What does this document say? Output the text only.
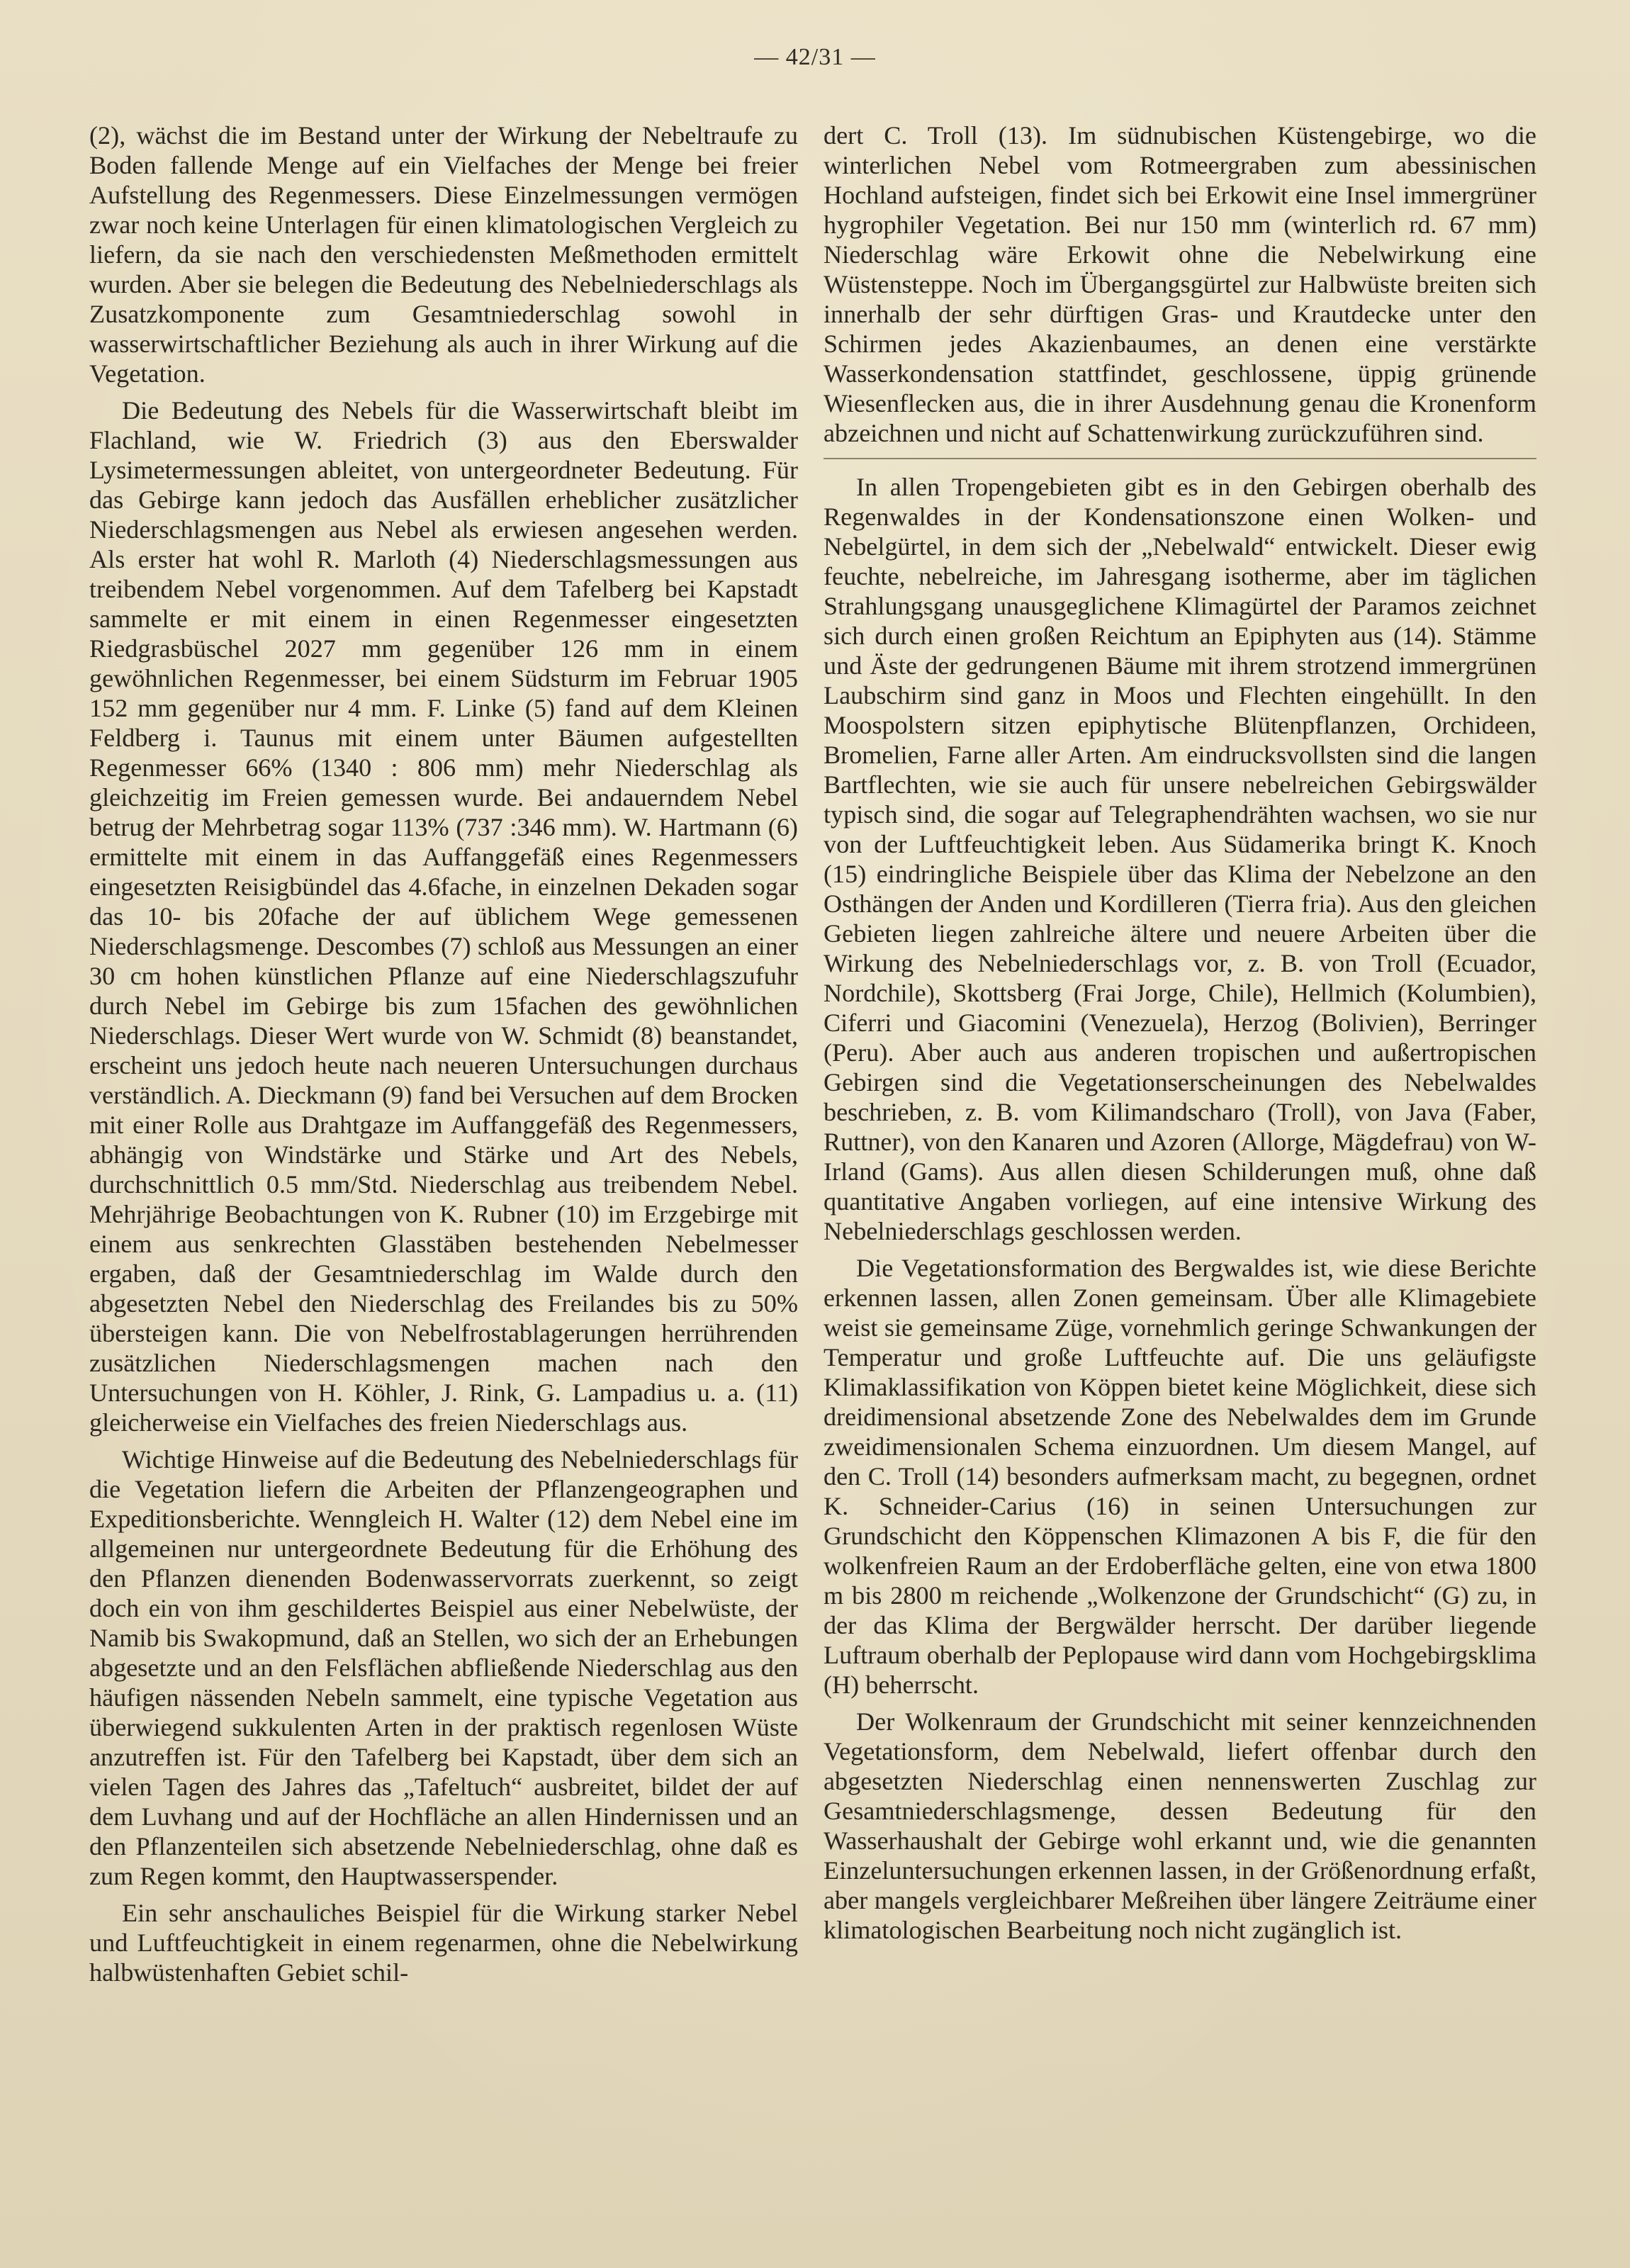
— 42/31 —

(2), wächst die im Bestand unter der Wirkung der Nebeltraufe zu Boden fallende Menge auf ein Vielfaches der Menge bei freier Aufstellung des Regenmessers. Diese Einzelmessungen vermögen zwar noch keine Unterlagen für einen klimatologischen Vergleich zu liefern, da sie nach den verschiedensten Meßmethoden ermittelt wurden. Aber sie belegen die Bedeutung des Nebelniederschlags als Zusatzkomponente zum Gesamtniederschlag sowohl in wasserwirtschaftlicher Beziehung als auch in ihrer Wirkung auf die Vegetation.

Die Bedeutung des Nebels für die Wasserwirtschaft bleibt im Flachland, wie W. Friedrich (3) aus den Eberswalder Lysimetermessungen ableitet, von untergeordneter Bedeutung. Für das Gebirge kann jedoch das Ausfällen erheblicher zusätzlicher Niederschlagsmengen aus Nebel als erwiesen angesehen werden. Als erster hat wohl R. Marloth (4) Niederschlagsmessungen aus treibendem Nebel vorgenommen. Auf dem Tafelberg bei Kapstadt sammelte er mit einem in einen Regenmesser eingesetzten Riedgrasbüschel 2027 mm gegenüber 126 mm in einem gewöhnlichen Regenmesser, bei einem Südsturm im Februar 1905 152 mm gegenüber nur 4 mm. F. Linke (5) fand auf dem Kleinen Feldberg i. Taunus mit einem unter Bäumen aufgestellten Regenmesser 66% (1340 : 806 mm) mehr Niederschlag als gleichzeitig im Freien gemessen wurde. Bei andauerndem Nebel betrug der Mehrbetrag sogar 113% (737 :346 mm). W. Hartmann (6) ermittelte mit einem in das Auffanggefäß eines Regenmessers eingesetzten Reisigbündel das 4.6fache, in einzelnen Dekaden sogar das 10- bis 20fache der auf üblichem Wege gemessenen Niederschlagsmenge. Descombes (7) schloß aus Messungen an einer 30 cm hohen künstlichen Pflanze auf eine Niederschlagszufuhr durch Nebel im Gebirge bis zum 15fachen des gewöhnlichen Niederschlags. Dieser Wert wurde von W. Schmidt (8) beanstandet, erscheint uns jedoch heute nach neueren Untersuchungen durchaus verständlich. A. Dieckmann (9) fand bei Versuchen auf dem Brocken mit einer Rolle aus Drahtgaze im Auffanggefäß des Regenmessers, abhängig von Windstärke und Stärke und Art des Nebels, durchschnittlich 0.5 mm/Std. Niederschlag aus treibendem Nebel. Mehrjährige Beobachtungen von K. Rubner (10) im Erzgebirge mit einem aus senkrechten Glasstäben bestehenden Nebelmesser ergaben, daß der Gesamtniederschlag im Walde durch den abgesetzten Nebel den Niederschlag des Freilandes bis zu 50% übersteigen kann. Die von Nebelfrostablagerungen herrührenden zusätzlichen Niederschlagsmengen machen nach den Untersuchungen von H. Köhler, J. Rink, G. Lampadius u. a. (11) gleicherweise ein Vielfaches des freien Niederschlags aus.

Wichtige Hinweise auf die Bedeutung des Nebelniederschlags für die Vegetation liefern die Arbeiten der Pflanzengeographen und Expeditionsberichte. Wenngleich H. Walter (12) dem Nebel eine im allgemeinen nur untergeordnete Bedeutung für die Erhöhung des den Pflanzen dienenden Bodenwasservorrats zuerkennt, so zeigt doch ein von ihm geschildertes Beispiel aus einer Nebelwüste, der Namib bis Swakopmund, daß an Stellen, wo sich der an Erhebungen abgesetzte und an den Felsflächen abfließende Niederschlag aus den häufigen nässenden Nebeln sammelt, eine typische Vegetation aus überwiegend sukkulenten Arten in der praktisch regenlosen Wüste anzutreffen ist. Für den Tafelberg bei Kapstadt, über dem sich an vielen Tagen des Jahres das „Tafeltuch“ ausbreitet, bildet der auf dem Luvhang und auf der Hochfläche an allen Hindernissen und an den Pflanzenteilen sich absetzende Nebelniederschlag, ohne daß es zum Regen kommt, den Hauptwasserspender.

Ein sehr anschauliches Beispiel für die Wirkung starker Nebel und Luftfeuchtigkeit in einem regenarmen, ohne die Nebelwirkung halbwüstenhaften Gebiet schil-

dert C. Troll (13). Im südnubischen Küstengebirge, wo die winterlichen Nebel vom Rotmeergraben zum abessinischen Hochland aufsteigen, findet sich bei Erkowit eine Insel immergrüner hygrophiler Vegetation. Bei nur 150 mm (winterlich rd. 67 mm) Niederschlag wäre Erkowit ohne die Nebelwirkung eine Wüstensteppe. Noch im Übergangsgürtel zur Halbwüste breiten sich innerhalb der sehr dürftigen Gras- und Krautdecke unter den Schirmen jedes Akazienbaumes, an denen eine verstärkte Wasserkondensation stattfindet, geschlossene, üppig grünende Wiesenflecken aus, die in ihrer Ausdehnung genau die Kronenform abzeichnen und nicht auf Schattenwirkung zurückzuführen sind.

In allen Tropengebieten gibt es in den Gebirgen oberhalb des Regenwaldes in der Kondensationszone einen Wolken- und Nebelgürtel, in dem sich der „Nebelwald“ entwickelt. Dieser ewig feuchte, nebelreiche, im Jahresgang isotherme, aber im täglichen Strahlungsgang unausgeglichene Klimagürtel der Paramos zeichnet sich durch einen großen Reichtum an Epiphyten aus (14). Stämme und Äste der gedrungenen Bäume mit ihrem strotzend immergrünen Laubschirm sind ganz in Moos und Flechten eingehüllt. In den Moospolstern sitzen epiphytische Blütenpflanzen, Orchideen, Bromelien, Farne aller Arten. Am eindrucksvollsten sind die langen Bartflechten, wie sie auch für unsere nebelreichen Gebirgswälder typisch sind, die sogar auf Telegraphendrähten wachsen, wo sie nur von der Luftfeuchtigkeit leben. Aus Südamerika bringt K. Knoch (15) eindringliche Beispiele über das Klima der Nebelzone an den Osthängen der Anden und Kordilleren (Tierra fria). Aus den gleichen Gebieten liegen zahlreiche ältere und neuere Arbeiten über die Wirkung des Nebelniederschlags vor, z. B. von Troll (Ecuador, Nordchile), Skottsberg (Frai Jorge, Chile), Hellmich (Kolumbien), Ciferri und Giacomini (Venezuela), Herzog (Bolivien), Berringer (Peru). Aber auch aus anderen tropischen und außertropischen Gebirgen sind die Vegetationserscheinungen des Nebelwaldes beschrieben, z. B. vom Kilimandscharo (Troll), von Java (Faber, Ruttner), von den Kanaren und Azoren (Allorge, Mägdefrau) von W-Irland (Gams). Aus allen diesen Schilderungen muß, ohne daß quantitative Angaben vorliegen, auf eine intensive Wirkung des Nebelniederschlags geschlossen werden.

Die Vegetationsformation des Bergwaldes ist, wie diese Berichte erkennen lassen, allen Zonen gemeinsam. Über alle Klimagebiete weist sie gemeinsame Züge, vornehmlich geringe Schwankungen der Temperatur und große Luftfeuchte auf. Die uns geläufigste Klimaklassifikation von Köppen bietet keine Möglichkeit, diese sich dreidimensional absetzende Zone des Nebelwaldes dem im Grunde zweidimensionalen Schema einzuordnen. Um diesem Mangel, auf den C. Troll (14) besonders aufmerksam macht, zu begegnen, ordnet K. Schneider-Carius (16) in seinen Untersuchungen zur Grundschicht den Köppenschen Klimazonen A bis F, die für den wolkenfreien Raum an der Erdoberfläche gelten, eine von etwa 1800 m bis 2800 m reichende „Wolkenzone der Grundschicht“ (G) zu, in der das Klima der Bergwälder herrscht. Der darüber liegende Luftraum oberhalb der Peplopause wird dann vom Hochgebirgsklima (H) beherrscht.

Der Wolkenraum der Grundschicht mit seiner kennzeichnenden Vegetationsform, dem Nebelwald, liefert offenbar durch den abgesetzten Niederschlag einen nennenswerten Zuschlag zur Gesamtniederschlagsmenge, dessen Bedeutung für den Wasserhaushalt der Gebirge wohl erkannt und, wie die genannten Einzeluntersuchungen erkennen lassen, in der Größenordnung erfaßt, aber mangels vergleichbarer Meßreihen über längere Zeiträume einer klimatologischen Bearbeitung noch nicht zugänglich ist.
